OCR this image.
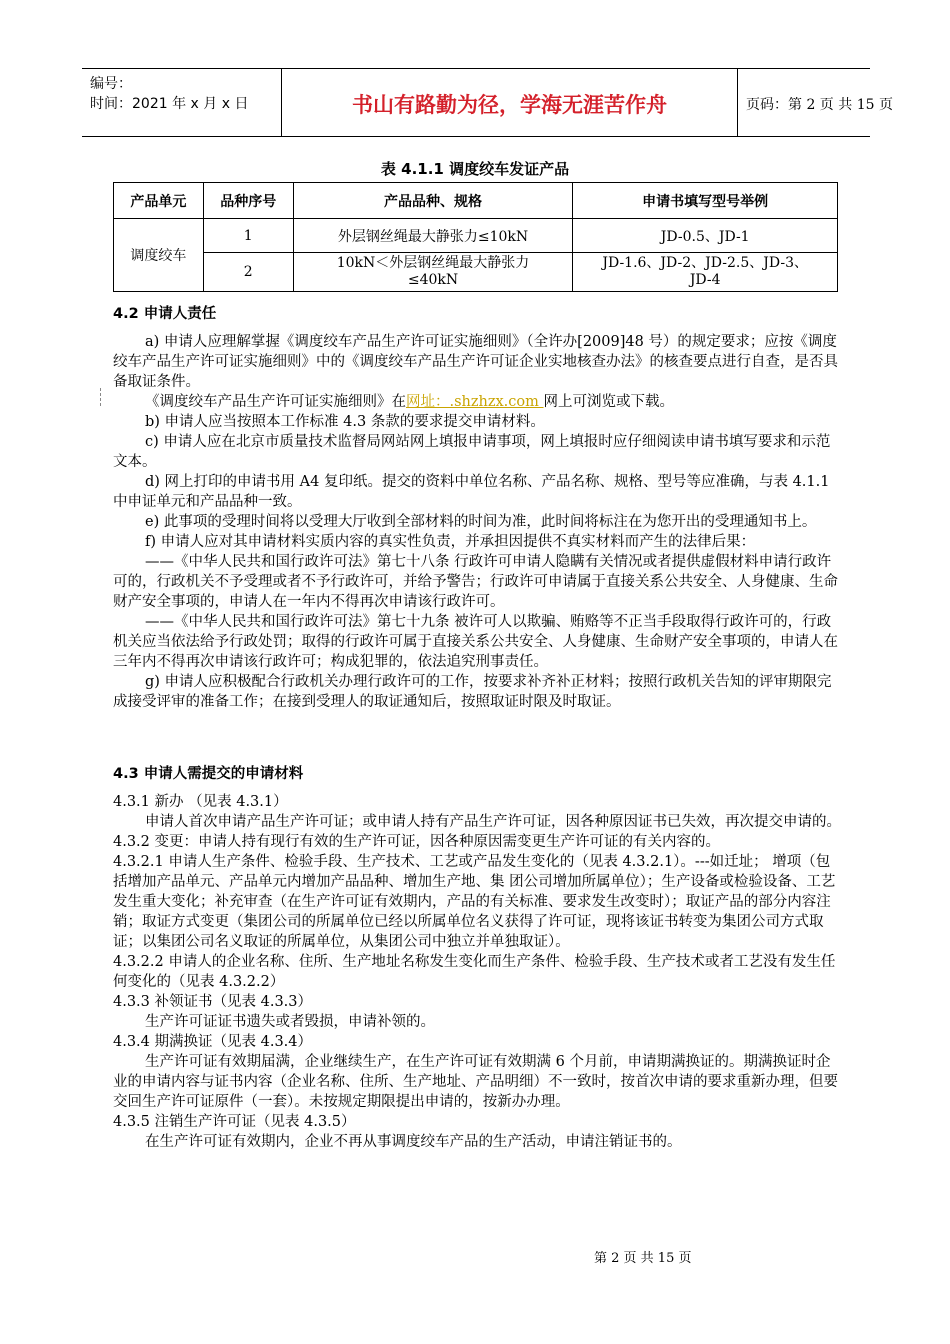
编号：
时间：2021 年 x 月 x 日	书山有路勤为径，学海无涯苦作舟	页码：第 2 页 共 15 页
表 4.1.1 调度绞车发证产品
产品单元	品种序号	产品品种、规格	申请书填写型号举例
调度绞车	1	外层钢丝绳最大静张力≤10kN	JD-0.5、JD-1
	2	10kN＜外层钢丝绳最大静张力≤40kN	JD-1.6、JD-2、JD-2.5、JD-3、JD-4

4.2 申请人责任

a) 申请人应理解掌握《调度绞车产品生产许可证实施细则》（全许办[2009]48 号）的规定要求；应按《调度绞车产品生产许可证实施细则》中的《调度绞车产品生产许可证企业实地核查办法》的核查要点进行自查，是否具备取证条件。

《调度绞车产品生产许可证实施细则》在网址：.shzhzx.com 网上可浏览或下载。

b) 申请人应当按照本工作标准 4.3 条款的要求提交申请材料。

c) 申请人应在北京市质量技术监督局网站网上填报申请事项，网上填报时应仔细阅读申请书填写要求和示范文本。

d) 网上打印的申请书用 A4 复印纸。提交的资料中单位名称、产品名称、规格、型号等应准确，与表 4.1.1 中申证单元和产品品种一致。

e) 此事项的受理时间将以受理大厅收到全部材料的时间为准，此时间将标注在为您开出的受理通知书上。

f) 申请人应对其申请材料实质内容的真实性负责，并承担因提供不真实材料而产生的法律后果：

——《中华人民共和国行政许可法》第七十八条 行政许可申请人隐瞒有关情况或者提供虚假材料申请行政许可的，行政机关不予受理或者不予行政许可，并给予警告；行政许可申请属于直接关系公共安全、人身健康、生命财产安全事项的，申请人在一年内不得再次申请该行政许可。

——《中华人民共和国行政许可法》第七十九条 被许可人以欺骗、贿赂等不正当手段取得行政许可的，行政机关应当依法给予行政处罚；取得的行政许可属于直接关系公共安全、人身健康、生命财产安全事项的，申请人在三年内不得再次申请该行政许可；构成犯罪的，依法追究刑事责任。

g) 申请人应积极配合行政机关办理行政许可的工作，按要求补齐补正材料；按照行政机关告知的评审期限完成接受评审的准备工作；在接到受理人的取证通知后，按照取证时限及时取证。

4.3 申请人需提交的申请材料

4.3.1 新办 （见表 4.3.1）

申请人首次申请产品生产许可证；或申请人持有产品生产许可证，因各种原因证书已失效，再次提交申请的。

4.3.2 变更：申请人持有现行有效的生产许可证，因各种原因需变更生产许可证的有关内容的。

4.3.2.1 申请人生产条件、检验手段、生产技术、工艺或产品发生变化的（见表 4.3.2.1）。---如迁址； 增项（包括增加产品单元、产品单元内增加产品品种、增加生产地、集 团公司增加所属单位）；生产设备或检验设备、工艺发生重大变化；补充审查（在生产许可证有效期内，产品的有关标准、要求发生改变时）；取证产品的部分内容注销；取证方式变更（集团公司的所属单位已经以所属单位名义获得了许可证，现将该证书转变为集团公司方式取证；以集团公司名义取证的所属单位，从集团公司中独立并单独取证）。

4.3.2.2 申请人的企业名称、住所、生产地址名称发生变化而生产条件、检验手段、生产技术或者工艺没有发生任何变化的（见表 4.3.2.2）

4.3.3 补领证书（见表 4.3.3）

生产许可证证书遗失或者毁损，申请补领的。

4.3.4 期满换证（见表 4.3.4）

生产许可证有效期届满，企业继续生产，在生产许可证有效期满 6 个月前，申请期满换证的。期满换证时企业的申请内容与证书内容（企业名称、住所、生产地址、产品明细）不一致时，按首次申请的要求重新办理，但要交回生产许可证原件（一套）。未按规定期限提出申请的，按新办办理。

4.3.5 注销生产许可证（见表 4.3.5）

在生产许可证有效期内，企业不再从事调度绞车产品的生产活动，申请注销证书的。

第 2 页 共 15 页
